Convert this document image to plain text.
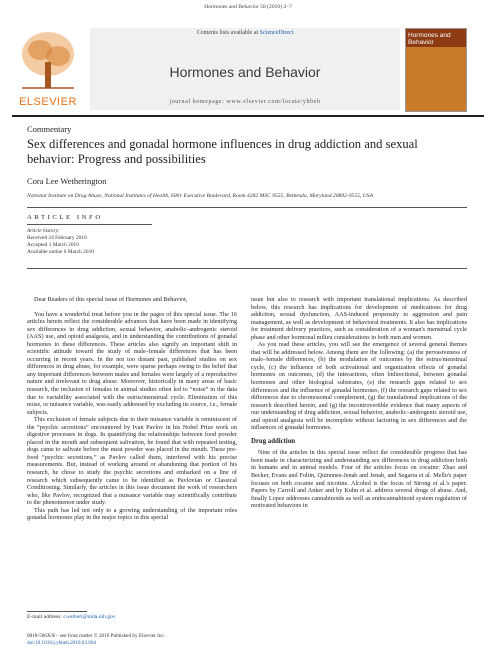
Hormones and Behavior 58 (2010) 2–7
ELSEVIER
Contents lists available at ScienceDirect
Hormones and Behavior
journal homepage: www.elsevier.com/locate/yhbeh
Hormones and Behavior
Commentary
Sex differences and gonadal hormone influences in drug addiction and sexual behavior: Progress and possibilities
Cora Lee Wetherington
National Institute on Drug Abuse, National Institutes of Health, 6001 Executive Boulevard, Room 4282 MSC 9555, Bethesda, Maryland 20892-9555, USA
ARTICLE INFO
Article history:
Received 24 February 2010
Accepted 1 March 2010
Available online 6 March 2010

Dear Readers of this special issue of Hormones and Behavior,

You have a wonderful treat before you in the pages of this special issue. The 16 articles herein reflect the considerable advances that have been made in identifying sex differences in drug addiction, sexual behavior, anabolic–androgenic steroid (AAS) use, and opioid analgesia, and in understanding the contributions of gonadal hormones to these differences. These articles also signify an important shift in scientific attitude toward the study of male–female differences that has been occurring in recent years. In the not too distant past, published studies on sex differences in drug abuse, for example, were sparse perhaps owing to the belief that any important differences between males and females were largely of a reproductive nature and irrelevant to drug abuse. Moreover, historically in many areas of basic research, the inclusion of females in animal studies often led to “noise” in the data due to variability associated with the estrus/menstrual cycle. Elimination of this noise, or nuisance variable, was easily addressed by excluding its source, i.e., female subjects.

This exclusion of female subjects due to their nuisance variable is reminiscent of the “psychic secretions” encountered by Ivan Pavlov in his Nobel Prize work on digestive processes in dogs. In quantifying the relationships between food powder placed in the mouth and subsequent salivation, he found that with repeated testing, dogs came to salivate before the meat powder was placed in the mouth. These pre-food “psychic secretions,” as Pavlov called them, interfered with his precise measurements. But, instead of working around or abandoning that portion of his research, he chose to study the psychic secretions and embarked on a line of research which subsequently came to be identified as Pavlovian or Classical Conditioning. Similarly, the articles in this issue document the work of researchers who, like Pavlov, recognized that a nuisance variable may scientifically contribute to the phenomenon under study.

This path has led not only to a growing understanding of the important roles gonadal hormones play in the major topics in this special

issue but also to research with important translational implications. As described below, this research has implications for development of medications for drug addiction, sexual dysfunction, AAS-induced propensity to aggression and pain management, as well as development of behavioral treatments. It also has implications for treatment delivery practices, such as consideration of a woman's menstrual cycle phase and other hormonal milieu considerations in both men and women.

As you read these articles, you will see the emergence of several general themes that will be addressed below. Among them are the following: (a) the pervasiveness of male–female differences, (b) the modulation of outcomes by the estrus/menstrual cycle, (c) the influence of both activational and organization effects of gonadal hormones on outcomes, (d) the interactions, often bidirectional, between gonadal hormones and other biological substrates, (e) the research gaps related to sex differences and the influence of gonadal hormones, (f) the research gaps related to sex differences due to chromosomal complement, (g) the translational implications of the research described herein, and (g) the incontrovertible evidence that many aspects of our understanding of drug addiction, sexual behavior, anabolic–androgenic steroid use, and opioid analgesia will be incomplete without factoring in sex differences and the influences of gonadal hormones.

Drug addiction

Nine of the articles in this special issue reflect the considerable progress that has been made in characterizing and understanding sex differences in drug addiction both in humans and in animal models. Four of the articles focus on cocaine: Zhao and Becker, Evans and Foltin, Quinones-Jenab and Jenab, and Segarra et al. Mello's paper focuses on both cocaine and nicotine. Alcohol is the focus of Strong et al.'s paper. Papers by Carroll and Anker and by Kuhn et al. address several drugs of abuse. And, finally Lopez addresses cannabinoids as well as endocannabinoid system regulation of motivated behaviors in

E-mail address: cwetheri@nida.nih.gov
0018-506X/$ – see front matter © 2010 Published by Elsevier Inc.
doi:10.1016/j.yhbeh.2010.03.004
